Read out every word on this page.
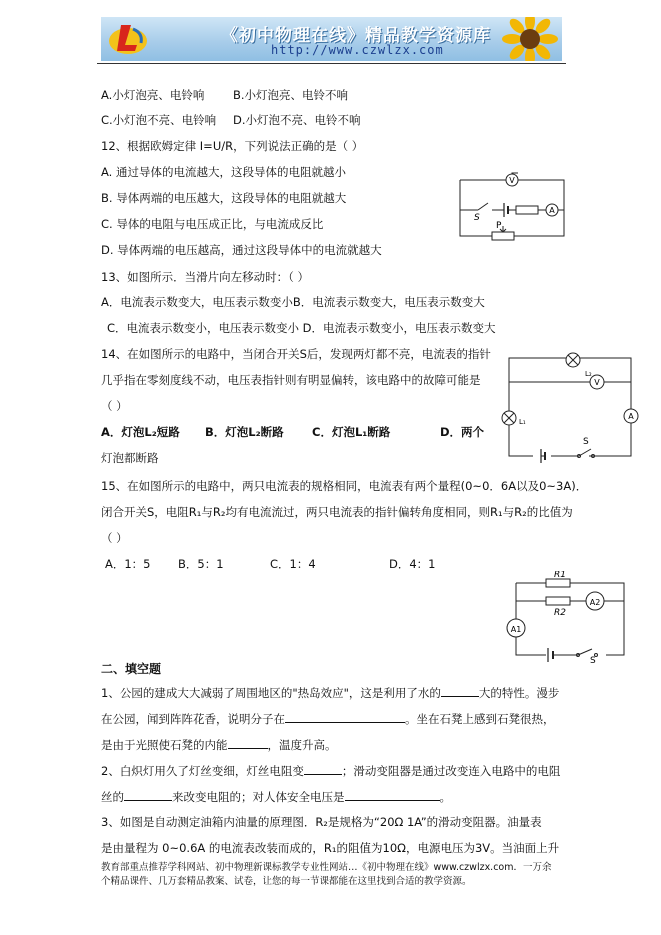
《初中物理在线》精品教学资源库
http://www.czwlzx.com
A.小灯泡亮、电铃响 B.小灯泡亮、电铃不响
C.小灯泡不亮、电铃响 D.小灯泡不亮、电铃不响
12、根据欧姆定律 I=U/R，下列说法正确的是（ ）
A. 通过导体的电流越大，这段导体的电阻就越小
B. 导体两端的电压越大，这段导体的电阻就越大
C. 导体的电阻与电压成正比，与电流成反比
D. 导体两端的电压越高，通过这段导体中的电流就越大
V
A
S
P
13、如图所示．当滑片向左移动时：（ ）
A．电流表示数变大，电压表示数变小B．电流表示数变大，电压表示数变大
C．电流表示数变小，电压表示数变小 D．电流表示数变小，电压表示数变大
14、在如图所示的电路中，当闭合开关S后，发现两灯都不亮，电流表的指针
几乎指在零刻度线不动，电压表指针则有明显偏转，该电路中的故障可能是
（ ）
A．灯泡L₂短路 B．灯泡L₂断路 C．灯泡L₁断路	D．两个
灯泡都断路
L₂
V
L₁
A
S
15、在如图所示的电路中，两只电流表的规格相同，电流表有两个量程(0~0．6A以及0~3A)．
闭合开关S，电阻R₁与R₂均有电流流过，两只电流表的指针偏转角度相同，则R₁与R₂的比值为
（ ）
A．1：5 B．5：1	C．1：4	D．4：1
R1
R2
A2
A1
S
二、填空题
1、公园的建成大大减弱了周围地区的"热岛效应"，这是利用了水的	大的特性。漫步
在公园，闻到阵阵花香，说明分子在	。坐在石凳上感到石凳很热，
是由于光照使石凳的内能	，温度升高。
2、白炽灯用久了灯丝变细，灯丝电阻变	；滑动变阻器是通过改变连入电路中的电阻
丝的	来改变电阻的；对人体安全电压是	。
3、如图是自动测定油箱内油量的原理图．R₂是规格为“20Ω 1A”的滑动变阻器。油量表
是由量程为 0~0.6A 的电流表改装而成的，R₁的阻值为10Ω，电源电压为3V。当油面上升
教育部重点推荐学科网站、初中物理新课标教学专业性网站…《初中物理在线》www.czwlzx.com．一万余
个精品课件、几万套精品教案、试卷，让您的每一节课都能在这里找到合适的教学资源。
